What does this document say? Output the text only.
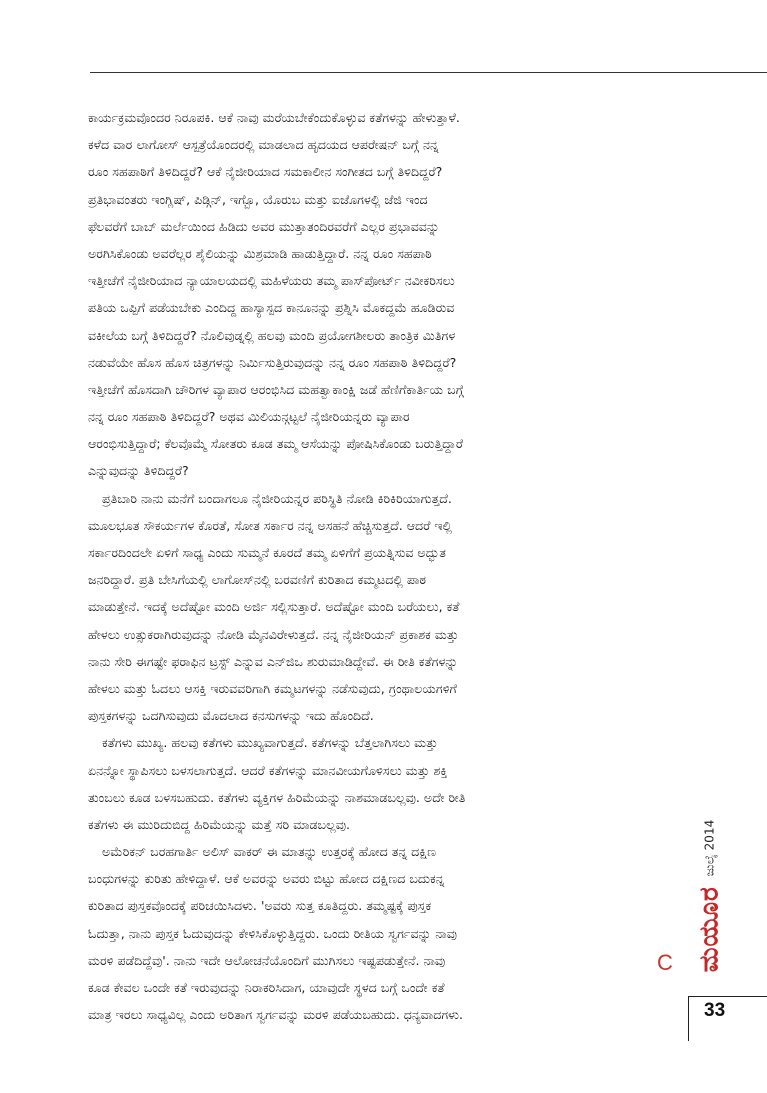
ಕಾರ್ಯಕ್ರಮವೊಂದರ ನಿರೂಪಕಿ. ಆಕೆ ನಾವು ಮರೆಯಬೇಕೆಂದುಕೊಳ್ಳುವ ಕತೆಗಳನ್ನು ಹೇಳುತ್ತಾಳೆ.
ಕಳೆದ ವಾರ ಲಾಗೋಸ್ ಆಸ್ಪತ್ರೆಯೊಂದರಲ್ಲಿ ಮಾಡಲಾದ ಹೃದಯದ ಆಪರೇಷನ್ ಬಗ್ಗೆ ನನ್ನ
ರೂಂ ಸಹಪಾಠಿಗೆ ತಿಳಿದಿದ್ದರೆ? ಆಕೆ ನೈಜೀರಿಯಾದ ಸಮಕಾಲೀನ ಸಂಗೀತದ ಬಗ್ಗೆ ತಿಳಿದಿದ್ದರೆ?
ಪ್ರತಿಭಾವಂತರು ಇಂಗ್ಲಿಷ್, ಪಿಡ್ಗಿನ್, ಇಗ್ಬೊ, ಯೊರುಬ ಮತ್ತು ಐಜೊಗಳಲ್ಲಿ ಜೆಜಿ ಇಂದ
ಫೆಲವರೆಗೆ ಬಾಬ್ ಮರ್ಲೆಯಿಂದ ಹಿಡಿದು ಅವರ ಮುತ್ತಾತಂದಿರವರೆಗೆ ಎಲ್ಲರ ಪ್ರಭಾವವನ್ನು
ಅರಗಿಸಿಕೊಂಡು ಅವರೆಲ್ಲರ ಶೈಲಿಯನ್ನು ಮಿಶ್ರಮಾಡಿ ಹಾಡುತ್ತಿದ್ದಾರೆ. ನನ್ನ ರೂಂ ಸಹಪಾಠಿ
ಇತ್ತೀಚೆಗೆ ನೈಜೀರಿಯಾದ ನ್ಯಾಯಾಲಯದಲ್ಲಿ ಮಹಿಳೆಯರು ತಮ್ಮ ಪಾಸ್‌ಪೋರ್ಟ್ ನವೀಕರಿಸಲು
ಪತಿಯ ಒಪ್ಪಿಗೆ ಪಡೆಯಬೇಕು ಎಂದಿದ್ದ ಹಾಸ್ಯಾಸ್ಪದ ಕಾನೂನನ್ನು ಪ್ರಶ್ನಿಸಿ ಮೊಕದ್ದಮೆ ಹೂಡಿರುವ
ವಕೀಲೆಯ ಬಗ್ಗೆ ತಿಳಿದಿದ್ದರೆ? ನೊಲಿವುಡ್ನಲ್ಲಿ ಹಲವು ಮಂದಿ ಪ್ರಯೋಗಶೀಲರು ತಾಂತ್ರಿಕ ಮಿತಿಗಳ
ನಡುವೆಯೇ ಹೊಸ ಹೊಸ ಚಿತ್ರಗಳನ್ನು ನಿರ್ಮಿಸುತ್ತಿರುವುದನ್ನು ನನ್ನ ರೂಂ ಸಹಪಾಠಿ ತಿಳಿದಿದ್ದರೆ?
ಇತ್ತೀಚೆಗೆ ಹೊಸದಾಗಿ ಚೌರಿಗಳ ವ್ಯಾಪಾರ ಆರಂಭಿಸಿದ ಮಹತ್ವಾಕಾಂಕ್ಷಿ ಜಡೆ ಹೆಣಿಗೆಕಾರ್ತಿಯ ಬಗ್ಗೆ
ನನ್ನ ರೂಂ ಸಹಪಾಠಿ ತಿಳಿದಿದ್ದರೆ? ಅಥವ ಮಿಲಿಯನ್ಗಟ್ಟಲೆ ನೈಜೀರಿಯನ್ನರು ವ್ಯಾಪಾರ
ಆರಂಭಿಸುತ್ತಿದ್ದಾರೆ; ಕೆಲವೊಮ್ಮೆ ಸೋತರು ಕೂಡ ತಮ್ಮ ಆಸೆಯನ್ನು ಪೋಷಿಸಿಕೊಂಡು ಬರುತ್ತಿದ್ದಾರೆ
ಎನ್ನುವುದನ್ನು ತಿಳಿದಿದ್ದರೆ?
ಪ್ರತಿಬಾರಿ ನಾನು ಮನೆಗೆ ಬಂದಾಗಲೂ ನೈಜೀರಿಯನ್ನರ ಪರಿಸ್ಥಿತಿ ನೋಡಿ ಕಿರಿಕಿರಿಯಾಗುತ್ತದೆ.
ಮೂಲಭೂತ ಸೌಕರ್ಯಗಳ ಕೊರತೆ, ಸೋತ ಸರ್ಕಾರ ನನ್ನ ಅಸಹನೆ ಹೆಚ್ಚಿಸುತ್ತದೆ. ಆದರೆ ಇಲ್ಲಿ
ಸರ್ಕಾರದಿಂದಲೇ ಏಳಿಗೆ ಸಾಧ್ಯ ಎಂದು ಸುಮ್ಮನೆ ಕೂರದೆ ತಮ್ಮ ಏಳಿಗೆಗೆ ಪ್ರಯತ್ನಿಸುವ ಅದ್ಭುತ
ಜನರಿದ್ದಾರೆ. ಪ್ರತಿ ಬೇಸಿಗೆಯಲ್ಲಿ ಲಾಗೋಸ್‌ನಲ್ಲಿ ಬರವಣಿಗೆ ಕುರಿತಾದ ಕಮ್ಮಟದಲ್ಲಿ ಪಾಠ
ಮಾಡುತ್ತೇನೆ. ಇದಕ್ಕೆ ಅದೆಷ್ಟೋ ಮಂದಿ ಅರ್ಜಿ ಸಲ್ಲಿಸುತ್ತಾರೆ. ಅದೆಷ್ಟೋ ಮಂದಿ ಬರೆಯಲು, ಕತೆ
ಹೇಳಲು ಉತ್ಸುಕರಾಗಿರುವುದನ್ನು ನೋಡಿ ಮೈನವಿರೇಳುತ್ತದೆ. ನನ್ನ ನೈಜೀರಿಯನ್ ಪ್ರಕಾಶಕ ಮತ್ತು
ನಾನು ಸೇರಿ ಈಗಷ್ಟೇ ಫರಾಫಿನ ಟ್ರಸ್ಟ್ ಎನ್ನುವ ಎನ್‌ಜಿಒ ಶುರುಮಾಡಿದ್ದೇವೆ. ಈ ರೀತಿ ಕತೆಗಳನ್ನು
ಹೇಳಲು ಮತ್ತು ಓದಲು ಆಸಕ್ತಿ ಇರುವವರಿಗಾಗಿ ಕಮ್ಮಟಗಳನ್ನು ನಡೆಸುವುದು, ಗ್ರಂಥಾಲಯಗಳಿಗೆ
ಪುಸ್ತಕಗಳನ್ನು ಒದಗಿಸುವುದು ಮೊದಲಾದ ಕನಸುಗಳನ್ನು ಇದು ಹೊಂದಿದೆ.
ಕತೆಗಳು ಮುಖ್ಯ. ಹಲವು ಕತೆಗಳು ಮುಖ್ಯವಾಗುತ್ತದೆ. ಕತೆಗಳನ್ನು ಬೆತ್ತಲಾಗಿಸಲು ಮತ್ತು
ಏನನ್ನೋ ಸ್ಥಾಪಿಸಲು ಬಳಸಲಾಗುತ್ತದೆ. ಆದರೆ ಕತೆಗಳನ್ನು ಮಾನವೀಯಗೊಳಿಸಲು ಮತ್ತು ಶಕ್ತಿ
ತುಂಬಲು ಕೂಡ ಬಳಸಬಹುದು. ಕತೆಗಳು ವ್ಯಕ್ತಿಗಳ ಹಿರಿಮೆಯನ್ನು ನಾಶಮಾಡಬಲ್ಲವು. ಅದೇ ರೀತಿ
ಕತೆಗಳು ಈ ಮುರಿದುಬಿದ್ದ ಹಿರಿಮೆಯನ್ನು ಮತ್ತೆ ಸರಿ ಮಾಡಬಲ್ಲವು.
ಅಮೆರಿಕನ್ ಬರಹಗಾರ್ತಿ ಅಲಿಸ್ ವಾಕರ್ ಈ ಮಾತನ್ನು ಉತ್ತರಕ್ಕೆ ಹೋದ ತನ್ನ ದಕ್ಷಿಣ
ಬಂಧುಗಳನ್ನು ಕುರಿತು ಹೇಳಿದ್ದಾಳೆ. ಆಕೆ ಅವರನ್ನು ಅವರು ಬಿಟ್ಟು ಹೋದ ದಕ್ಷಿಣದ ಬದುಕನ್ನ
ಕುರಿತಾದ ಪುಸ್ತಕವೊಂದಕ್ಕೆ ಪರಿಚಯಿಸಿದಳು. 'ಅವರು ಸುತ್ತ ಕೂತಿದ್ದರು. ತಮ್ಮಷ್ಟಕ್ಕೆ ಪುಸ್ತಕ
ಓದುತ್ತಾ, ನಾನು ಪುಸ್ತಕ ಓದುವುದನ್ನು ಕೇಳಿಸಿಕೊಳ್ಳುತ್ತಿದ್ದರು. ಒಂದು ರೀತಿಯ ಸ್ವರ್ಗವನ್ನು ನಾವು
ಮರಳಿ ಪಡೆದಿದ್ದೆವು'. ನಾನು ಇದೇ ಆಲೋಚನೆಯೊಂದಿಗೆ ಮುಗಿಸಲು ಇಷ್ಟಪಡುತ್ತೇನೆ. ನಾವು
ಕೂಡ ಕೇವಲ ಒಂದೇ ಕತೆ ಇರುವುದನ್ನು ನಿರಾಕರಿಸಿದಾಗ, ಯಾವುದೇ ಸ್ಥಳದ ಬಗ್ಗೆ ಒಂದೇ ಕತೆ
ಮಾತ್ರ ಇರಲು ಸಾಧ್ಯವಿಲ್ಲ ಎಂದು ಅರಿತಾಗ ಸ್ವರ್ಗವನ್ನು ಮರಳಿ ಪಡೆಯಬಹುದು. ಧನ್ಯವಾದಗಳು.
C ಮಯೂರ
ಜುಲೈ 2014
33
